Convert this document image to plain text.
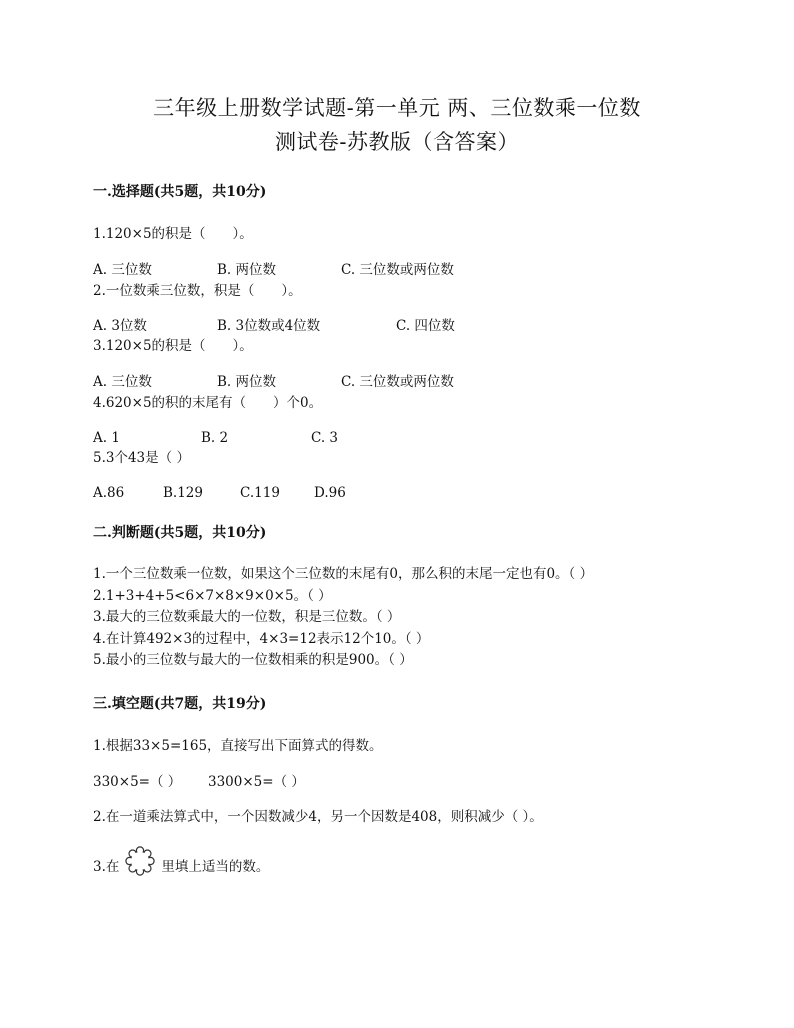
三年级上册数学试题-第一单元 两、三位数乘一位数
测试卷-苏教版（含答案）
一.选择题(共5题，共10分)
1.120×5的积是（　　）。
A. 三位数	B. 两位数	C. 三位数或两位数
2.一位数乘三位数，积是（　　）。
A. 3位数	B. 3位数或4位数	C. 四位数
3.120×5的积是（　　）。
A. 三位数	B. 两位数	C. 三位数或两位数
4.620×5的积的末尾有（　　）个0。
A. 1	B. 2	C. 3
5.3个43是（ ）
A.86	B.129	C.119	D.96
二.判断题(共5题，共10分)
1.一个三位数乘一位数，如果这个三位数的末尾有0，那么积的末尾一定也有0。（ ）
2.1+3+4+5<6×7×8×9×0×5。（ ）
3.最大的三位数乘最大的一位数，积是三位数。（ ）
4.在计算492×3的过程中，4×3=12表示12个10。（ ）
5.最小的三位数与最大的一位数相乘的积是900。（ ）
三.填空题(共7题，共19分)
1.根据33×5=165，直接写出下面算式的得数。
330×5=（ ） 3300×5=（ ）
2.在一道乘法算式中，一个因数减少4，另一个因数是408，则积减少（ ）。
3.在	里填上适当的数。
